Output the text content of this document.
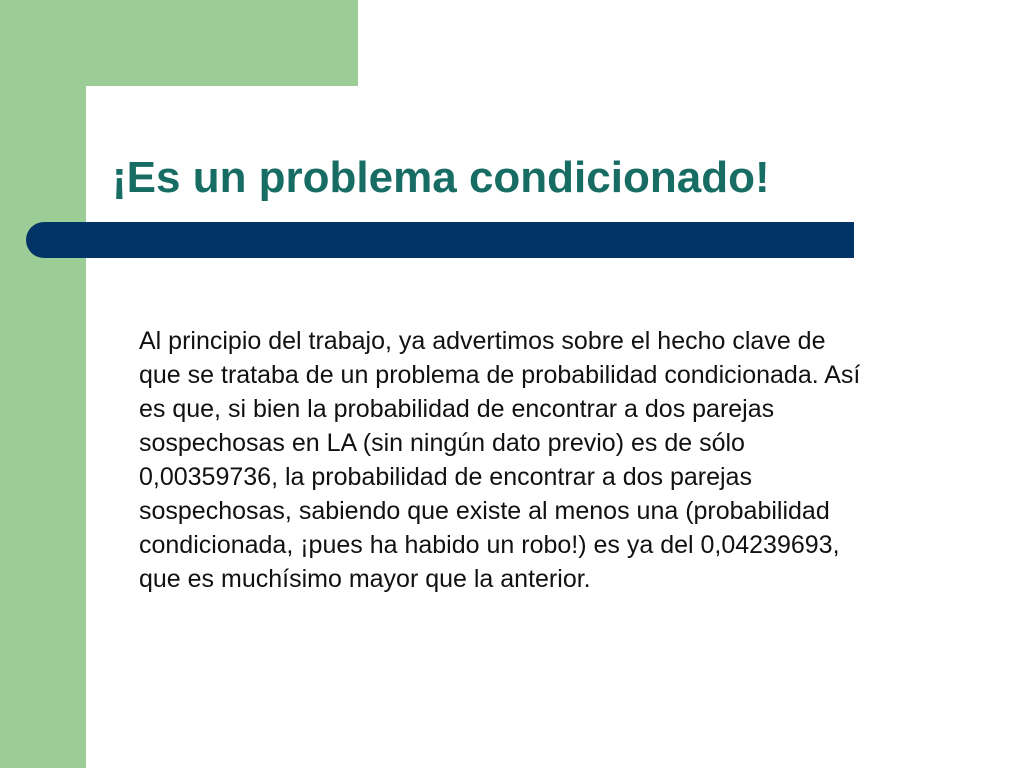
¡Es un problema condicionado!

Al principio del trabajo, ya advertimos sobre el hecho clave de
que se trataba de un problema de probabilidad condicionada. Así
es que, si bien la probabilidad de encontrar a dos parejas
sospechosas en LA (sin ningún dato previo) es de sólo
0,00359736, la probabilidad de encontrar a dos parejas
sospechosas, sabiendo que existe al menos una (probabilidad
condicionada, ¡pues ha habido un robo!) es ya del 0,04239693,
que es muchísimo mayor que la anterior.
